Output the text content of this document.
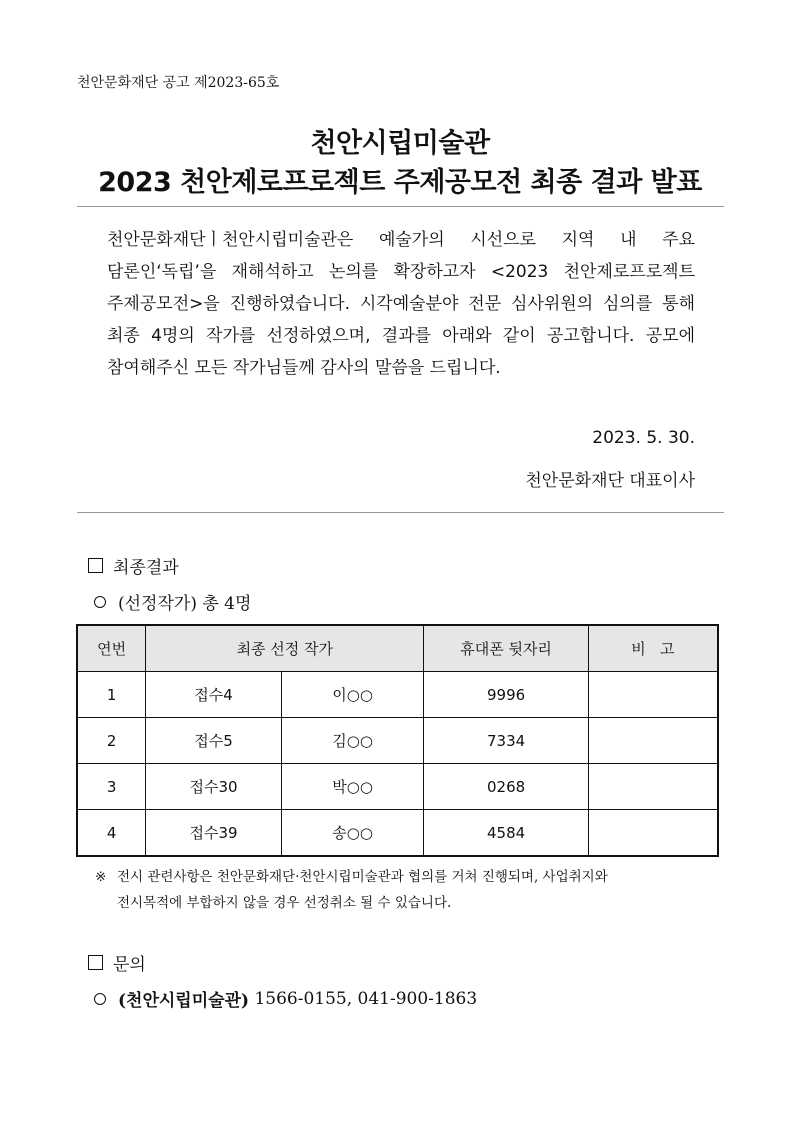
천안문화재단 공고 제2023-65호
천안시립미술관
2023 천안제로프로젝트 주제공모전 최종 결과 발표
천안문화재단ㅣ천안시립미술관은 예술가의 시선으로 지역 내 주요 담론인‘독립’을 재해석하고 논의를 확장하고자 <2023 천안제로프로젝트 주제공모전>을 진행하였습니다. 시각예술분야 전문 심사위원의 심의를 통해 최종 4명의 작가를 선정하였으며, 결과를 아래와 같이 공고합니다. 공모에 참여해주신 모든 작가님들께 감사의 말씀을 드립니다.
2023. 5. 30.
천안문화재단 대표이사
최종결과
(선정작가) 총 4명
연번	최종 선정 작가		휴대폰 뒷자리	비   고
1	접수4	이○○	9996	
2	접수5	김○○	7334	
3	접수30	박○○	0268	
4	접수39	송○○	4584	
※ 전시 관련사항은 천안문화재단·천안시립미술관과 협의를 거쳐 진행되며, 사업취지와
전시목적에 부합하지 않을 경우 선정취소 될 수 있습니다.
문의
(천안시립미술관)
1566-0155, 041-900-1863
